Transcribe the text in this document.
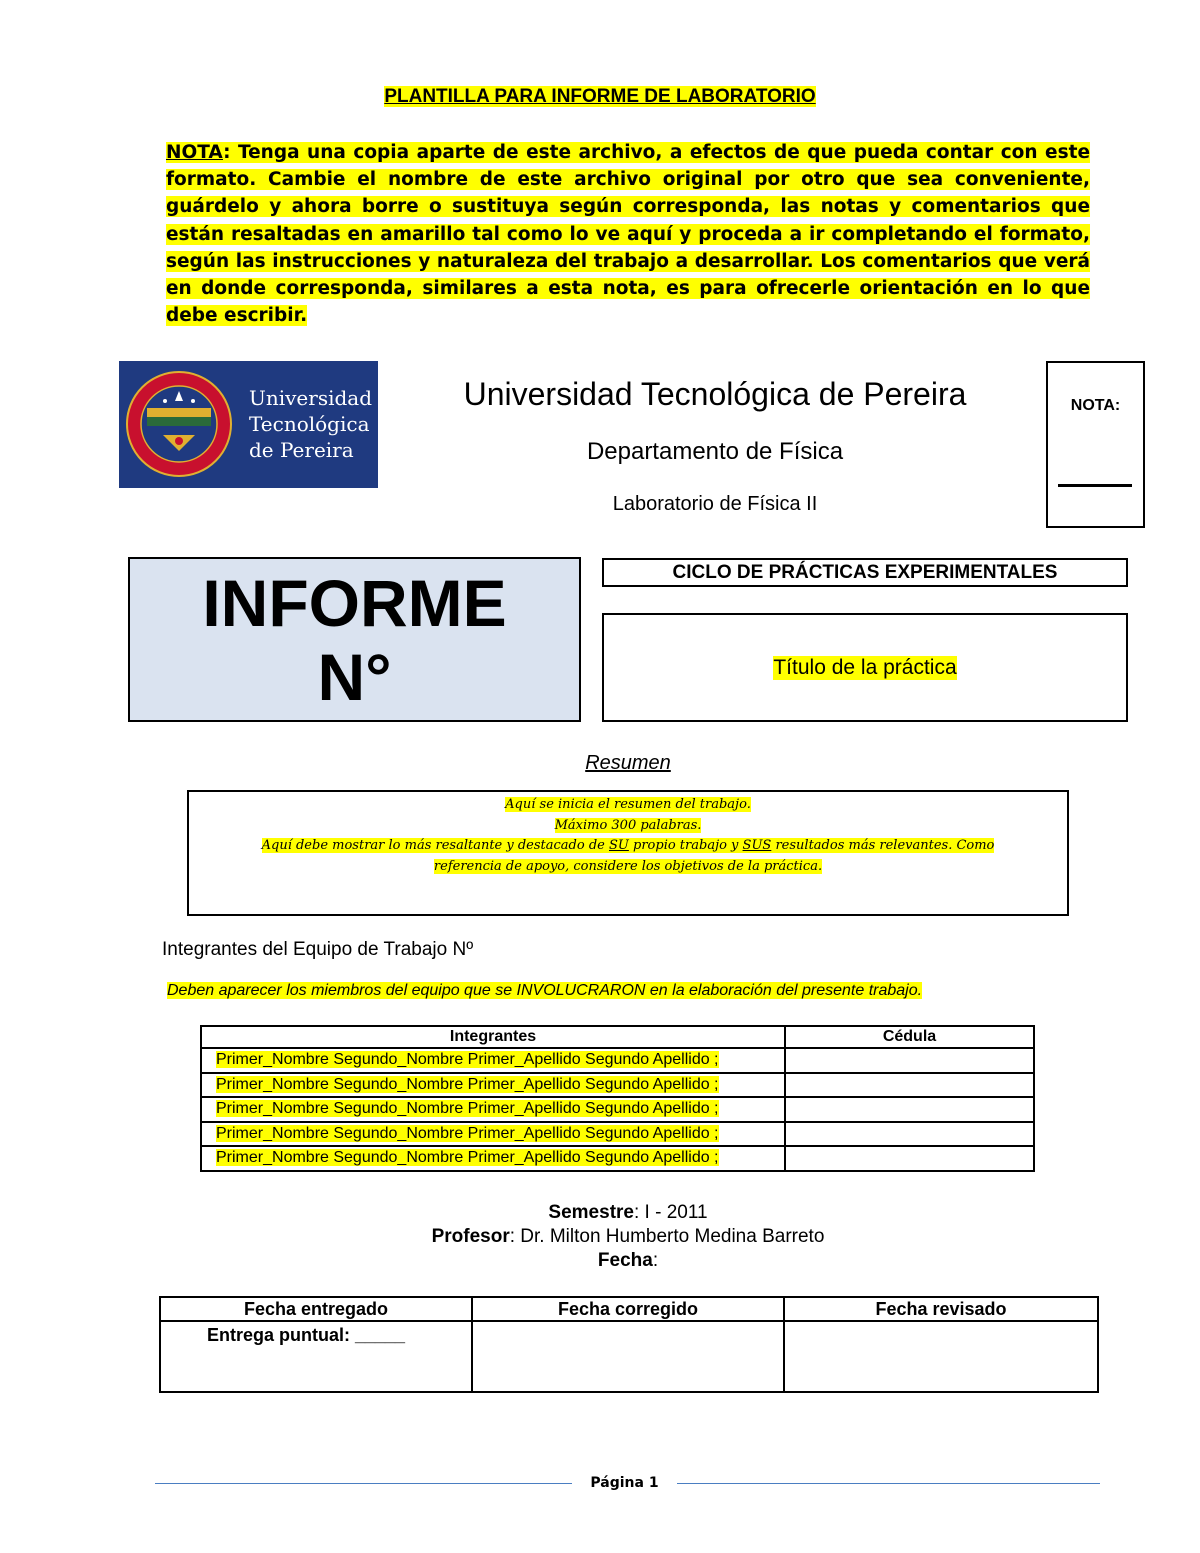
PLANTILLA PARA INFORME DE LABORATORIO
NOTA: Tenga una copia aparte de este archivo, a efectos de que pueda contar con este formato. Cambie el nombre de este archivo original por otro que sea conveniente, guárdelo y ahora borre o sustituya según corresponda, las notas y comentarios que están resaltadas en amarillo tal como lo ve aquí y proceda a ir completando el formato, según las instrucciones y naturaleza del trabajo a desarrollar. Los comentarios que verá en donde corresponda, similares a esta nota, es para ofrecerle orientación en lo que debe escribir.
Universidad
Tecnológica
de Pereira
Universidad Tecnológica de Pereira
Departamento de Física
Laboratorio de Física II
NOTA:
INFORME
N°
CICLO DE PRÁCTICAS EXPERIMENTALES
Título de la práctica
Resumen
Aquí se inicia el resumen del trabajo.
Máximo 300 palabras.
Aquí debe mostrar lo más resaltante y destacado de SU propio trabajo y SUS resultados más relevantes. Como
referencia de apoyo, considere los objetivos de la práctica.
Integrantes del Equipo de Trabajo Nº
Deben aparecer los miembros del equipo que se INVOLUCRARON en la elaboración del presente trabajo.
Integrantes	Cédula
Primer_Nombre Segundo_Nombre Primer_Apellido Segundo Apellido ;	
Primer_Nombre Segundo_Nombre Primer_Apellido Segundo Apellido ;	
Primer_Nombre Segundo_Nombre Primer_Apellido Segundo Apellido ;	
Primer_Nombre Segundo_Nombre Primer_Apellido Segundo Apellido ;	
Primer_Nombre Segundo_Nombre Primer_Apellido Segundo Apellido ;	
Semestre: I - 2011
Profesor: Dr. Milton Humberto Medina Barreto
Fecha:
Fecha entregado	Fecha corregido	Fecha revisado
Entrega puntual: _____		
Página 1
